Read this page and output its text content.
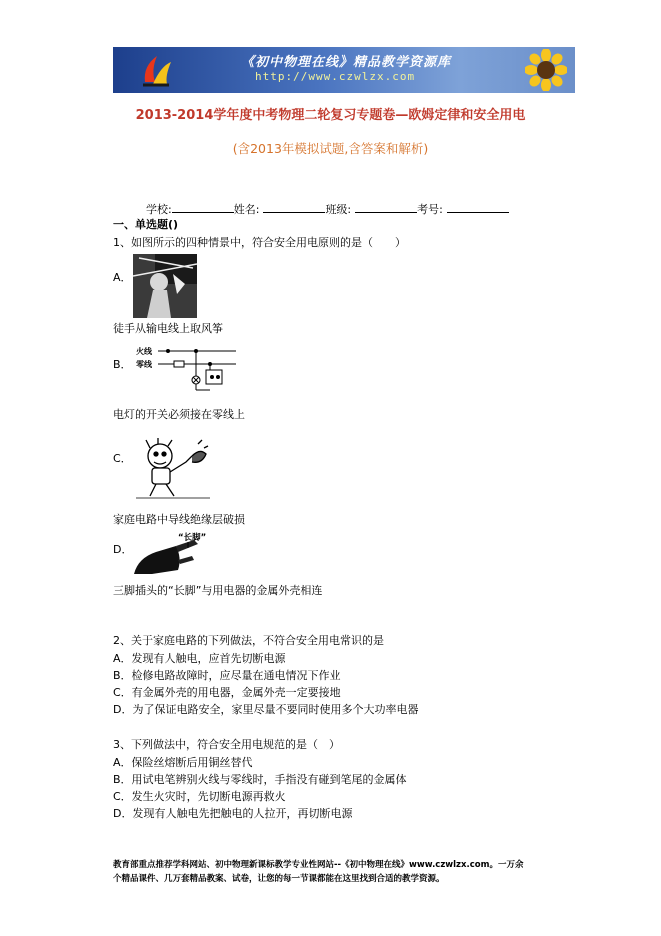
《初中物理在线》精品教学资源库
http://www.czwlzx.com
2013-2014学年度中考物理二轮复习专题卷—欧姆定律和安全用电
(含2013年模拟试题,含答案和解析)
学校:	姓名:	班级:	考号:
一、单选题()
1、如图所示的四种情景中，符合安全用电原则的是（　　）
A．
徒手从输电线上取风筝
B．
火线
零线
电灯的开关必须接在零线上
C．
家庭电路中导线绝缘层破损
D．
“长脚”
三脚插头的“长脚”与用电器的金属外壳相连
2、关于家庭电路的下列做法，不符合安全用电常识的是
A．发现有人触电，应首先切断电源
B．检修电路故障时，应尽量在通电情况下作业
C．有金属外壳的用电器，金属外壳一定要接地
D．为了保证电路安全，家里尽量不要同时使用多个大功率电器
3、下列做法中，符合安全用电规范的是（　）
A．保险丝熔断后用铜丝替代
B．用试电笔辨别火线与零线时，手指没有碰到笔尾的金属体
C．发生火灾时，先切断电源再救火
D．发现有人触电先把触电的人拉开，再切断电源
教育部重点推荐学科网站、初中物理新课标教学专业性网站--《初中物理在线》www.czwlzx.com。一万余
个精品课件、几万套精品教案、试卷，让您的每一节课都能在这里找到合适的教学资源。
